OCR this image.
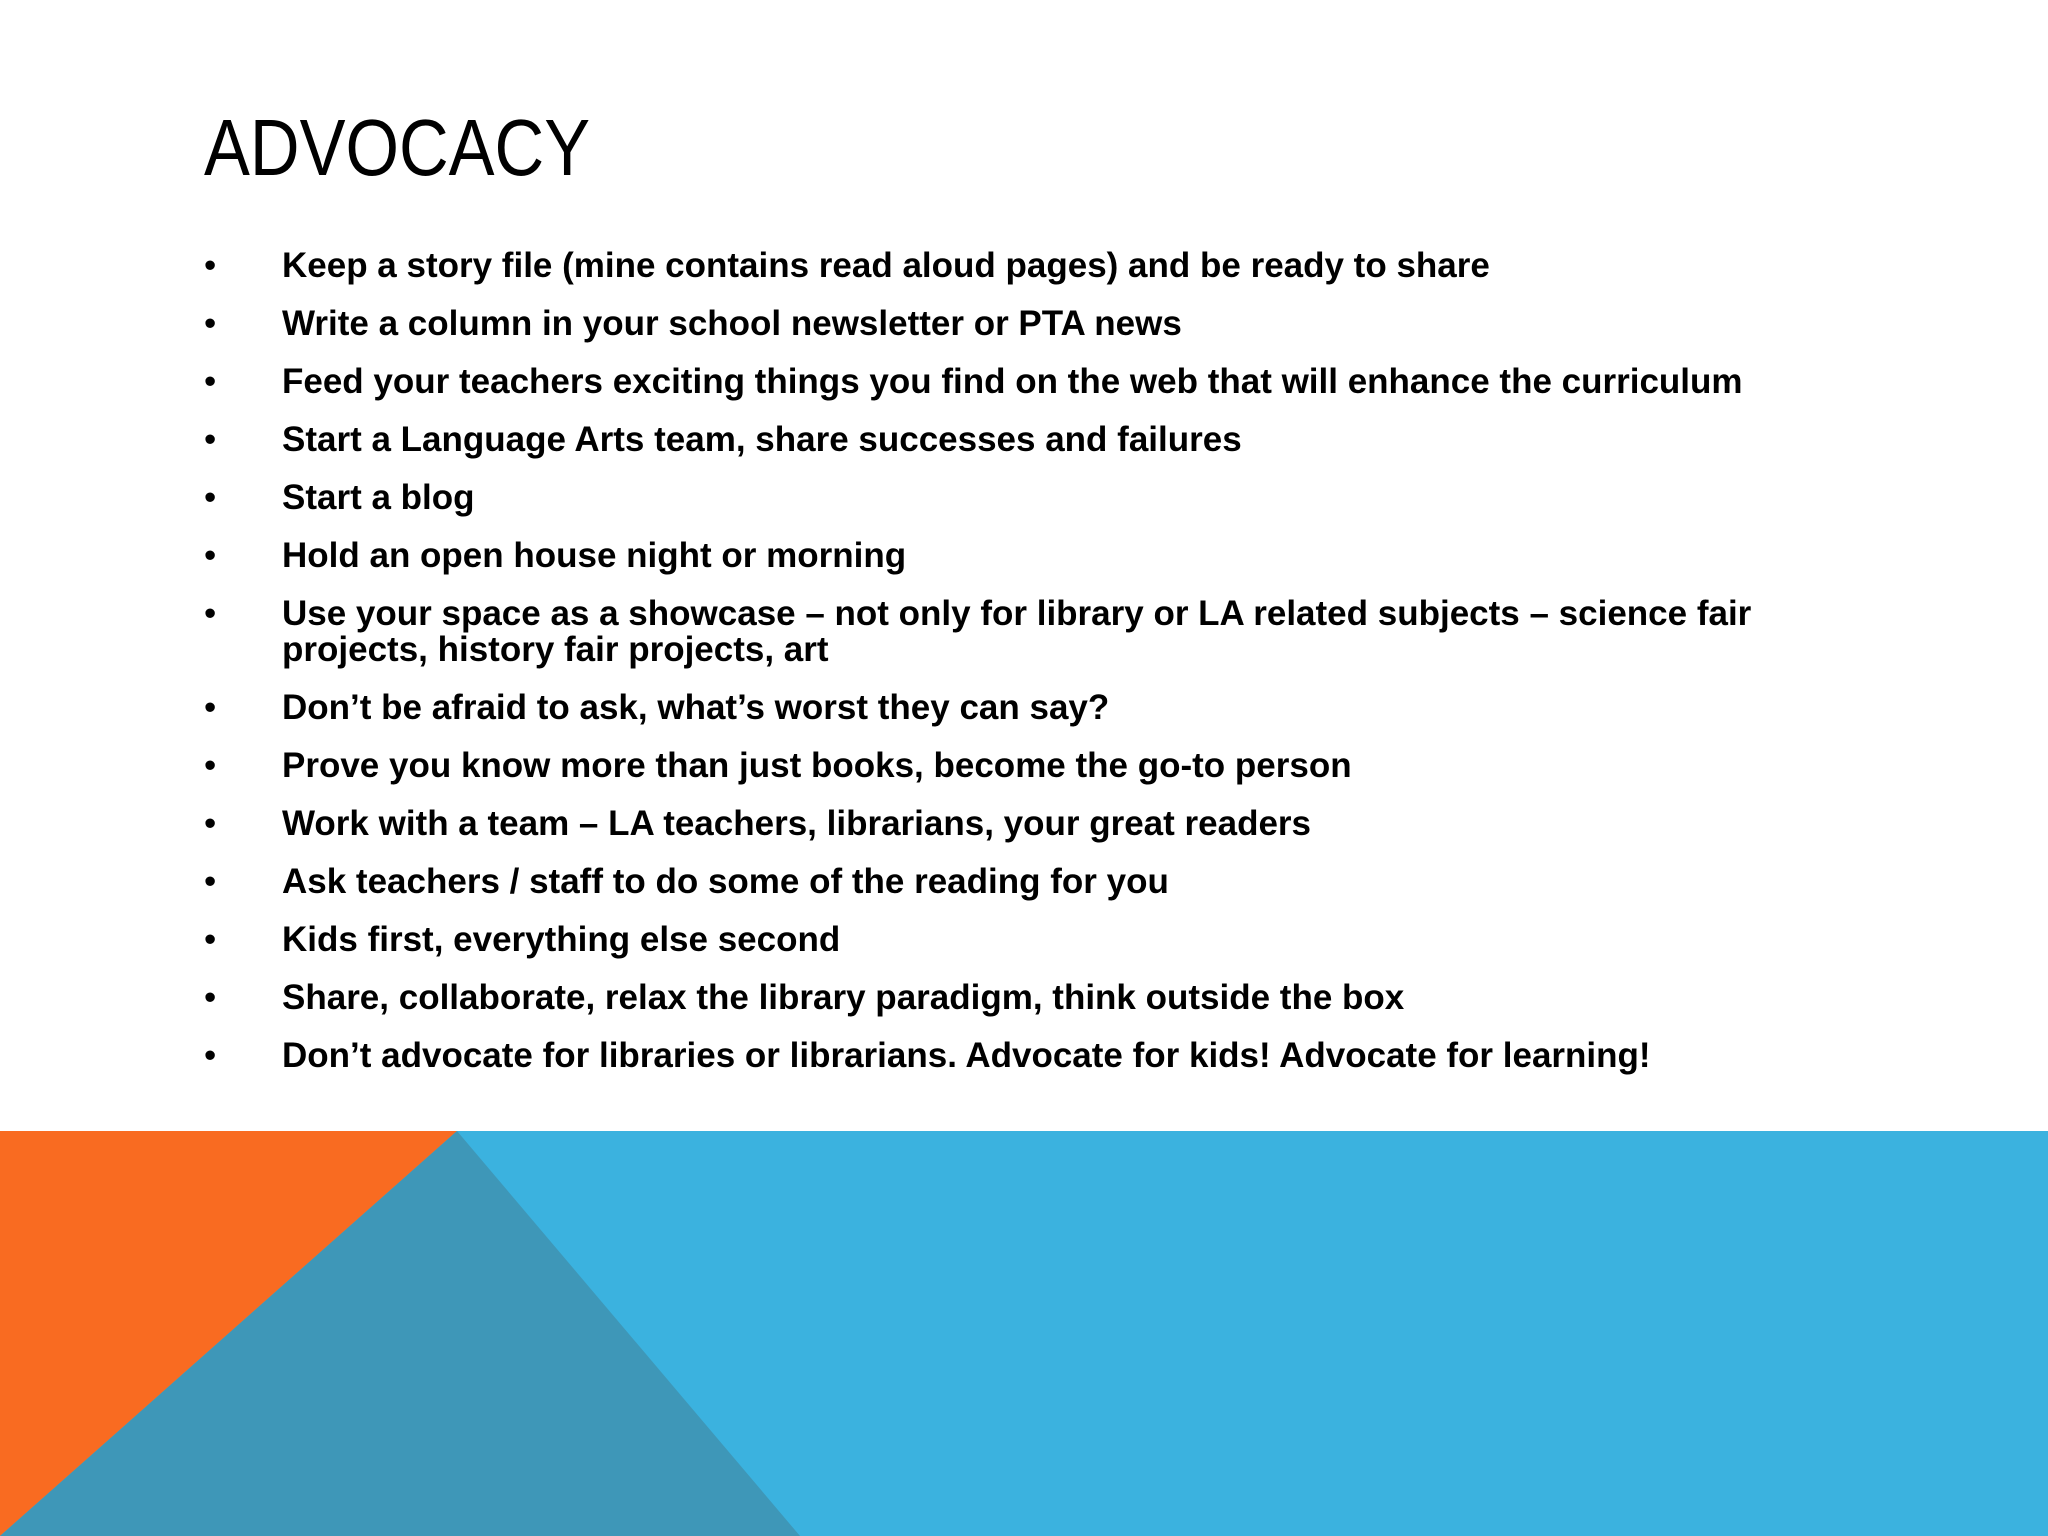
ADVOCACY
• Keep a story file (mine contains read aloud pages) and be ready to share
• Write a column in your school newsletter or PTA news
• Feed your teachers exciting things you find on the web that will enhance the curriculum
• Start a Language Arts team, share successes and failures
• Start a blog
• Hold an open house night or morning
• Use your space as a showcase – not only for library or LA related subjects – science fair projects, history fair projects, art
• Don’t be afraid to ask, what’s worst they can say?
• Prove you know more than just books, become the go-to person
• Work with a team – LA teachers, librarians, your great readers
• Ask teachers / staff to do some of the reading for you
• Kids first, everything else second
• Share, collaborate, relax the library paradigm, think outside the box
• Don’t advocate for libraries or librarians. Advocate for kids! Advocate for learning!
